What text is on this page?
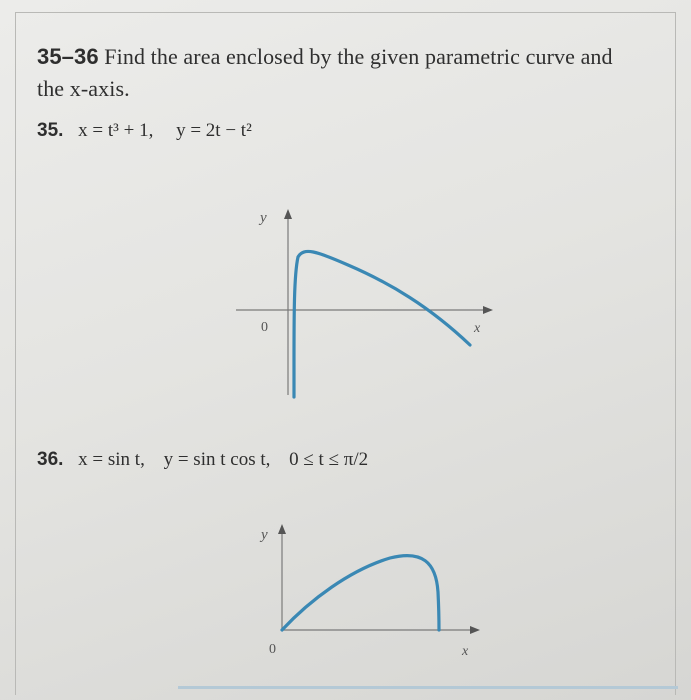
35–36 Find the area enclosed by the given parametric curve and
the x-axis.
35. x = t³ + 1, y = 2t − t²
y
x
0
36. x = sin t, y = sin t cos t, 0 ≤ t ≤ π/2
y
x
0
